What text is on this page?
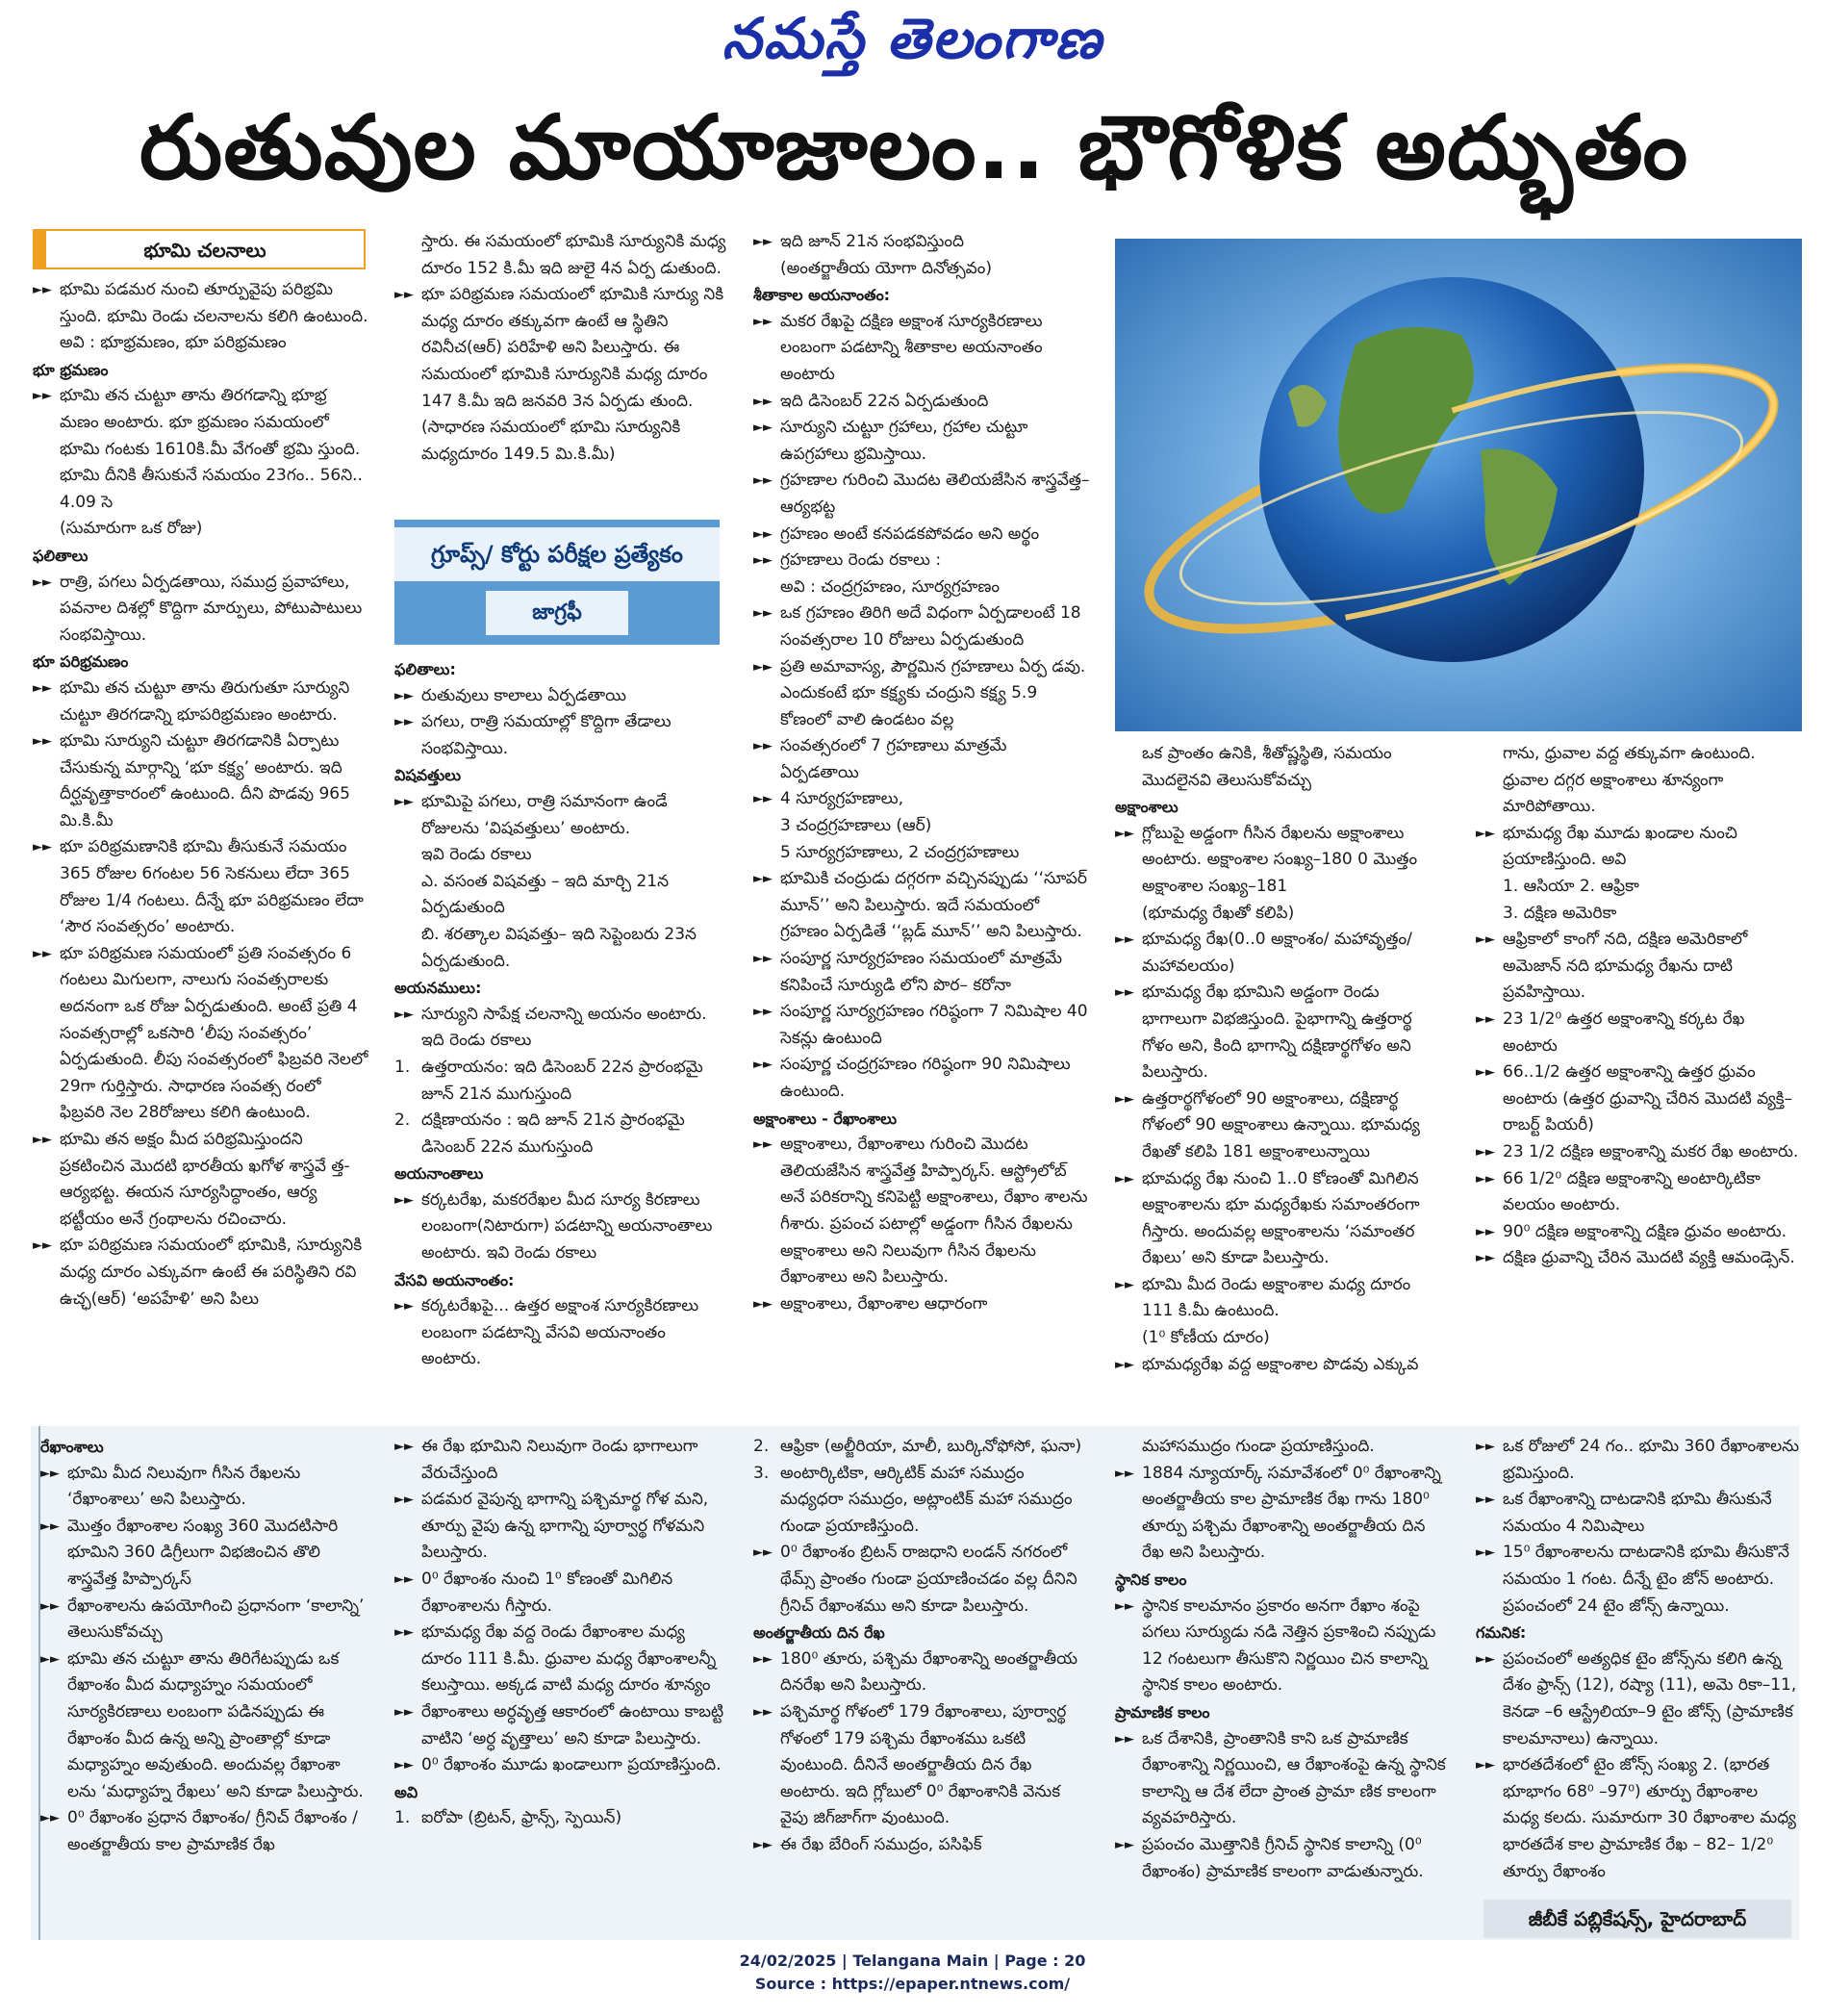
నమస్తే తెలంగాణ
రుతువుల మాయాజాలం.. భౌగోళిక అద్భుతం
భూమి చలనాలు
►► భూమి పడమర నుంచి తూర్పువైపు పరిభ్రమి స్తుంది. భూమి రెండు చలనాలను కలిగి ఉంటుంది.

అవి : భూభ్రమణం, భూ పరిభ్రమణం

భూ భ్రమణం

►► భూమి తన చుట్టూ తాను తిరగడాన్ని భూభ్ర మణం అంటారు. భూ భ్రమణం సమయంలో భూమి గంటకు 1610కి.మీ వేగంతో భ్రమి స్తుంది. భూమి దీనికి తీసుకునే సమయం 23గం.. 56ని.. 4.09 సె

(సుమారుగా ఒక రోజు)

ఫలితాలు

►► రాత్రి, పగలు ఏర్పడతాయి, సముద్ర ప్రవాహాలు, పవనాల దిశల్లో కొద్దిగా మార్పులు, పోటుపాటులు సంభవిస్తాయి.

భూ పరిభ్రమణం

►► భూమి తన చుట్టూ తాను తిరుగుతూ సూర్యుని చుట్టూ తిరగడాన్ని భూపరిభ్రమణం అంటారు.
►► భూమి సూర్యుని చుట్టూ తిరగడానికి ఏర్పాటు చేసుకున్న మార్గాన్ని ‘భూ కక్ష్య’ అంటారు. ఇది దీర్ఘవృత్తాకారంలో ఉంటుంది. దీని పొడవు 965 మి.కి.మీ
►► భూ పరిభ్రమణానికి భూమి తీసుకునే సమయం 365 రోజుల 6గంటల 56 సెకనులు లేదా 365 రోజుల 1/4 గంటలు. దీన్నే భూ పరిభ్రమణం లేదా ‘సౌర సంవత్సరం’ అంటారు.
►► భూ పరిభ్రమణ సమయంలో ప్రతి సంవత్సరం 6 గంటలు మిగులగా, నాలుగు సంవత్సరాలకు అదనంగా ఒక రోజు ఏర్పడుతుంది. అంటే ప్రతి 4 సంవత్సరాల్లో ఒకసారి ‘లీపు సంవత్సరం’ ఏర్పడుతుంది. లీపు సంవత్సరంలో ఫిబ్రవరి నెలలో 29గా గుర్తిస్తారు. సాధారణ సంవత్స రంలో ఫిబ్రవరి నెల 28రోజులు కలిగి ఉంటుంది.
►► భూమి తన అక్షం మీద పరిభ్రమిస్తుందని ప్రకటించిన మొదటి భారతీయ ఖగోళ శాస్త్రవే త్త- ఆర్యభట్ట. ఈయన సూర్యసిద్ధాంతం, ఆర్య భట్టీయం అనే గ్రంథాలను రచించారు.
►► భూ పరిభ్రమణ సమయంలో భూమికి, సూర్యునికి మధ్య దూరం ఎక్కువగా ఉంటే ఈ పరిస్థితిని రవి ఉచ్ఛ(ఆర్) ‘అపహేళి’ అని పిలు

స్తారు. ఈ సమయంలో భూమికి సూర్యునికి మధ్య దూరం 152 కి.మీ ఇది జులై 4న ఏర్ప డుతుంది.

►► భూ పరిభ్రమణ సమయంలో భూమికి సూర్యు నికి మధ్య దూరం తక్కువగా ఉంటే ఆ స్థితిని రవినీచ(ఆర్) పరిహేళి అని పిలుస్తారు. ఈ సమయంలో భూమికి సూర్యునికి మధ్య దూరం 147 కి.మీ ఇది జనవరి 3న ఏర్పడు తుంది. (సాధారణ సమయంలో భూమి సూర్యునికి మధ్యదూరం 149.5 మి.కి.మీ)
గ్రూప్స్/ కోర్టు పరీక్షల ప్రత్యేకం
జాగ్రఫీ

ఫలితాలు:

►► రుతువులు కాలాలు ఏర్పడతాయి
►► పగలు, రాత్రి సమయాల్లో కొద్దిగా తేడాలు సంభవిస్తాయి.

విషవత్తులు

►► భూమిపై పగలు, రాత్రి సమానంగా ఉండే రోజులను ‘విషవత్తులు’ అంటారు.

ఇవి రెండు రకాలు

ఎ. వసంత విషవత్తు – ఇది మార్చి 21న ఏర్పడుతుంది

బి. శరత్కాల విషవత్తు– ఇది సెప్టెంబరు 23న ఏర్పడుతుంది.

అయనములు:

►► సూర్యుని సాపేక్ష చలనాన్ని అయనం అంటారు. ఇది రెండు రకాలు
1. ఉత్తరాయనం: ఇది డిసెంబర్ 22న ప్రారంభమై జూన్ 21న ముగుస్తుంది
2. దక్షిణాయనం : ఇది జూన్ 21న ప్రారంభమై డిసెంబర్ 22న ముగుస్తుంది

అయనాంతాలు

►► కర్కటరేఖ, మకరరేఖల మీద సూర్య కిరణాలు లంబంగా(నిటారుగా) పడటాన్ని అయనాంతాలు అంటారు. ఇవి రెండు రకాలు

వేసవి అయనాంతం:

►► కర్కటరేఖపై... ఉత్తర అక్షాంశ సూర్యకిరణాలు లంబంగా పడటాన్ని వేసవి అయనాంతం అంటారు.
►► ఇది జూన్ 21న సంభవిస్తుంది

(అంతర్జాతీయ యోగా దినోత్సవం)

శీతాకాల అయనాంతం:

►► మకర రేఖపై దక్షిణ అక్షాంశ సూర్యకిరణాలు లంబంగా పడటాన్ని శీతాకాల అయనాంతం అంటారు
►► ఇది డిసెంబర్ 22న ఏర్పడుతుంది
►► సూర్యుని చుట్టూ గ్రహాలు, గ్రహాల చుట్టూ ఉపగ్రహాలు భ్రమిస్తాయి.
►► గ్రహణాల గురించి మొదట తెలియజేసిన శాస్త్రవేత్త– ఆర్యభట్ట
►► గ్రహణం అంటే కనపడకపోవడం అని అర్థం
►► గ్రహణాలు రెండు రకాలు :

అవి : చంద్రగ్రహణం, సూర్యగ్రహణం

►► ఒక గ్రహణం తిరిగి అదే విధంగా ఏర్పడాలంటే 18 సంవత్సరాల 10 రోజులు ఏర్పడుతుంది
►► ప్రతి అమావాస్య, పౌర్ణమిన గ్రహణాలు ఏర్ప డవు. ఎందుకంటే భూ కక్ష్యకు చంద్రుని కక్ష్య 5.9 కోణంలో వాలి ఉండటం వల్ల
►► సంవత్సరంలో 7 గ్రహణాలు మాత్రమే ఏర్పడతాయి
►► 4 సూర్యగ్రహణాలు,

3 చంద్రగ్రహణాలు (ఆర్)

5 సూర్యగ్రహణాలు, 2 చంద్రగ్రహణాలు

►► భూమికి చంద్రుడు దగ్గరగా వచ్చినప్పుడు ‘‘సూపర్ మూన్’’ అని పిలుస్తారు. ఇదే సమయంలో గ్రహణం ఏర్పడితే ‘‘బ్లడ్ మూన్’’ అని పిలుస్తారు.
►► సంపూర్ణ సూర్యగ్రహణం సమయంలో మాత్రమే కనిపించే సూర్యుడి లోని పొర– కరోనా
►► సంపూర్ణ సూర్యగ్రహణం గరిష్ఠంగా 7 నిమిషాల 40 సెకన్లు ఉంటుంది
►► సంపూర్ణ చంద్రగ్రహణం గరిష్ఠంగా 90 నిమిషాలు ఉంటుంది.

అక్షాంశాలు - రేఖాంశాలు

►► అక్షాంశాలు, రేఖాంశాలు గురించి మొదట తెలియజేసిన శాస్త్రవేత్త హిప్పార్కస్. ఆస్ట్రోలోబ్ అనే పరికరాన్ని కనిపెట్టి అక్షాంశాలు, రేఖాం శాలను గీశారు. ప్రపంచ పటాల్లో అడ్డంగా గీసిన రేఖలను అక్షాంశాలు అని నిలువుగా గీసిన రేఖలను రేఖాంశాలు అని పిలుస్తారు.
►► అక్షాంశాలు, రేఖాంశాల ఆధారంగా

ఒక ప్రాంతం ఉనికి, శీతోష్ణస్థితి, సమయం మొదలైనవి తెలుసుకోవచ్చు

అక్షాంశాలు

►► గ్లోబుపై అడ్డంగా గీసిన రేఖలను అక్షాంశాలు అంటారు. అక్షాంశాల సంఖ్య–180 0 మొత్తం అక్షాంశాల సంఖ్య–181

(భూమధ్య రేఖతో కలిపి)

►► భూమధ్య రేఖ(0..0 అక్షాంశం/ మహావృత్తం/ మహావలయం)
►► భూమధ్య రేఖ భూమిని అడ్డంగా రెండు భాగాలుగా విభజిస్తుంది. పైభాగాన్ని ఉత్తరార్థ గోళం అని, కింది భాగాన్ని దక్షిణార్థగోళం అని పిలుస్తారు.
►► ఉత్తరార్థగోళంలో 90 అక్షాంశాలు, దక్షిణార్థ గోళంలో 90 అక్షాంశాలు ఉన్నాయి. భూమధ్య రేఖతో కలిపి 181 అక్షాంశాలున్నాయి
►► భూమధ్య రేఖ నుంచి 1..0 కోణంతో మిగిలిన అక్షాంశాలను భూ మధ్యరేఖకు సమాంతరంగా గీస్తారు. అందువల్ల అక్షాంశాలను ‘సమాంతర రేఖలు’ అని కూడా పిలుస్తారు.
►► భూమి మీద రెండు అక్షాంశాల మధ్య దూరం 111 కి.మీ ఉంటుంది.

(1⁰ కోణీయ దూరం)

►► భూమధ్యరేఖ వద్ద అక్షాంశాల పొడవు ఎక్కువ

గాను, ధ్రువాల వద్ద తక్కువగా ఉంటుంది. ధ్రువాల దగ్గర అక్షాంశాలు శూన్యంగా మారిపోతాయి.

►► భూమధ్య రేఖ మూడు ఖండాల నుంచి ప్రయాణిస్తుంది. అవి

1. ఆసియా 2. ఆఫ్రికా

3. దక్షిణ అమెరికా

►► ఆఫ్రికాలో కాంగో నది, దక్షిణ అమెరికాలో అమెజాన్ నది భూమధ్య రేఖను దాటి ప్రవహిస్తాయి.
►► 23 1/2⁰ ఉత్తర అక్షాంశాన్ని కర్కట రేఖ అంటారు
►► 66..1/2 ఉత్తర అక్షాంశాన్ని ఉత్తర ధ్రువం అంటారు (ఉత్తర ధ్రువాన్ని చేరిన మొదటి వ్యక్తి– రాబర్ట్ పియరీ)
►► 23 1/2 దక్షిణ అక్షాంశాన్ని మకర రేఖ అంటారు.
►► 66 1/2⁰ దక్షిణ అక్షాంశాన్ని అంటార్కిటికా వలయం అంటారు.
►► 90⁰ దక్షిణ అక్షాంశాన్ని దక్షిణ ధ్రువం అంటారు.
►► దక్షిణ ధ్రువాన్ని చేరిన మొదటి వ్యక్తి ఆమండ్సెన్.

రేఖాంశాలు

►► భూమి మీద నిలువుగా గీసిన రేఖలను ‘రేఖాంశాలు’ అని పిలుస్తారు.
►► మొత్తం రేఖాంశాల సంఖ్య 360 మొదటిసారి భూమిని 360 డిగ్రీలుగా విభజించిన తొలి శాస్త్రవేత్త హిప్పార్కస్
►► రేఖాంశాలను ఉపయోగించి ప్రధానంగా ‘కాలాన్ని’ తెలుసుకోవచ్చు
►► భూమి తన చుట్టూ తాను తిరిగేటప్పుడు ఒక రేఖాంశం మీద మధ్యాహ్నం సమయంలో సూర్యకిరణాలు లంబంగా పడినప్పుడు ఈ రేఖాంశం మీద ఉన్న అన్ని ప్రాంతాల్లో కూడా మధ్యాహ్నం అవుతుంది. అందువల్ల రేఖాంశా లను ‘మధ్యాహ్న రేఖలు’ అని కూడా పిలుస్తారు.
►► 0⁰ రేఖాంశం ప్రధాన రేఖాంశం/ గ్రీనిచ్ రేఖాంశం / అంతర్జాతీయ కాల ప్రామాణిక రేఖ
►► ఈ రేఖ భూమిని నిలువుగా రెండు భాగాలుగా వేరుచేస్తుంది
►► పడమర వైపున్న భాగాన్ని పశ్చిమార్థ గోళ మని, తూర్పు వైపు ఉన్న భాగాన్ని పూర్వార్థ గోళమని పిలుస్తారు.
►► 0⁰ రేఖాంశం నుంచి 1⁰ కోణంతో మిగిలిన రేఖాంశాలను గీస్తారు.
►► భూమధ్య రేఖ వద్ద రెండు రేఖాంశాల మధ్య దూరం 111 కి.మీ. ధ్రువాల మధ్య రేఖాంశాలన్నీ కలుస్తాయి. అక్కడ వాటి మధ్య దూరం శూన్యం
►► రేఖాంశాలు అర్ధవృత్త ఆకారంలో ఉంటాయి కాబట్టి వాటిని ‘అర్ధ వృత్తాలు’ అని కూడా పిలుస్తారు.
►► 0⁰ రేఖాంశం మూడు ఖండాలుగా ప్రయాణిస్తుంది.

అవి

1. ఐరోపా (బ్రిటన్, ఫ్రాన్స్, స్పెయిన్)
2. ఆఫ్రికా (అల్జీరియా, మాలీ, బుర్కినోఫోసో, ఘనా)
3. అంటార్కిటికా, ఆర్కిటిక్ మహా సముద్రం మధ్యధరా సముద్రం, అట్లాంటిక్ మహా సముద్రం గుండా ప్రయాణిస్తుంది.
►► 0⁰ రేఖాంశం బ్రిటన్ రాజధాని లండన్ నగరంలో థేమ్స్ ప్రాంతం గుండా ప్రయాణించడం వల్ల దీనిని గ్రీనిచ్ రేఖాంశము అని కూడా పిలుస్తారు.

అంతర్జాతీయ దిన రేఖ

►► 180⁰ తూరు, పశ్చిమ రేఖాంశాన్ని అంతర్జాతీయ దినరేఖ అని పిలుస్తారు.
►► పశ్చిమార్థ గోళంలో 179 రేఖాంశాలు, పూర్వార్థ గోళంలో 179 పశ్చిమ రేఖాంశము ఒకటి వుంటుంది. దీనినే అంతర్జాతీయ దిన రేఖ అంటారు. ఇది గ్లోబులో 0⁰ రేఖాంశానికి వెనుక వైపు జిగ్‌జాగ్‌గా వుంటుంది.
►► ఈ రేఖ బేరింగ్ సముద్రం, పసిఫిక్

మహాసముద్రం గుండా ప్రయాణిస్తుంది.

►► 1884 న్యూయార్క్ సమావేశంలో 0⁰ రేఖాంశాన్ని అంతర్జాతీయ కాల ప్రామాణిక రేఖ గాను 180⁰ తూర్పు పశ్చిమ రేఖాంశాన్ని అంతర్జాతీయ దిన రేఖ అని పిలుస్తారు.

స్థానిక కాలం

►► స్థానిక కాలమానం ప్రకారం అనగా రేఖాం శంపై పగలు సూర్యుడు నడి నెత్తిన ప్రకాశించి నప్పుడు 12 గంటలుగా తీసుకొని నిర్ణయిం చిన కాలాన్ని స్థానిక కాలం అంటారు.

ప్రామాణిక కాలం

►► ఒక దేశానికి, ప్రాంతానికి కాని ఒక ప్రామాణిక రేఖాంశాన్ని నిర్ణయించి, ఆ రేఖాంశంపై ఉన్న స్థానిక కాలాన్ని ఆ దేశ లేదా ప్రాంత ప్రామా ణిక కాలంగా వ్యవహరిస్తారు.
►► ప్రపంచం మొత్తానికి గ్రీనిచ్ స్థానిక కాలాన్ని (0⁰ రేఖాంశం) ప్రామాణిక కాలంగా వాడుతున్నారు.
►► ఒక రోజులో 24 గం.. భూమి 360 రేఖాంశాలను భ్రమిస్తుంది.
►► ఒక రేఖాంశాన్ని దాటడానికి భూమి తీసుకునే సమయం 4 నిమిషాలు
►► 15⁰ రేఖాంశాలను దాటడానికి భూమి తీసుకొనే సమయం 1 గంట. దీన్నే టైం జోన్ అంటారు. ప్రపంచంలో 24 టైం జోన్స్ ఉన్నాయి.

గమనిక:

►► ప్రపంచంలో అత్యధిక టైం జోన్స్‌ను కలిగి ఉన్న దేశం ఫ్రాన్స్ (12), రష్యా (11), అమె రికా–11, కెనడా –6 ఆస్ట్రేలియా–9 టైం జోన్స్ (ప్రామాణిక కాలమానాలు) ఉన్నాయి.
►► భారతదేశంలో టైం జోన్స్ సంఖ్య 2. (భారత భూభాగం 68⁰ –97⁰) తూర్పు రేఖాంశాల మధ్య కలదు. సుమారుగా 30 రేఖాంశాల మధ్య భారతదేశ కాల ప్రామాణిక రేఖ – 82– 1/2⁰ తూర్పు రేఖాంశం
జీబీకే పబ్లికేషన్స్, హైదరాబాద్
24/02/2025 | Telangana Main | Page : 20
Source : https://epaper.ntnews.com/
